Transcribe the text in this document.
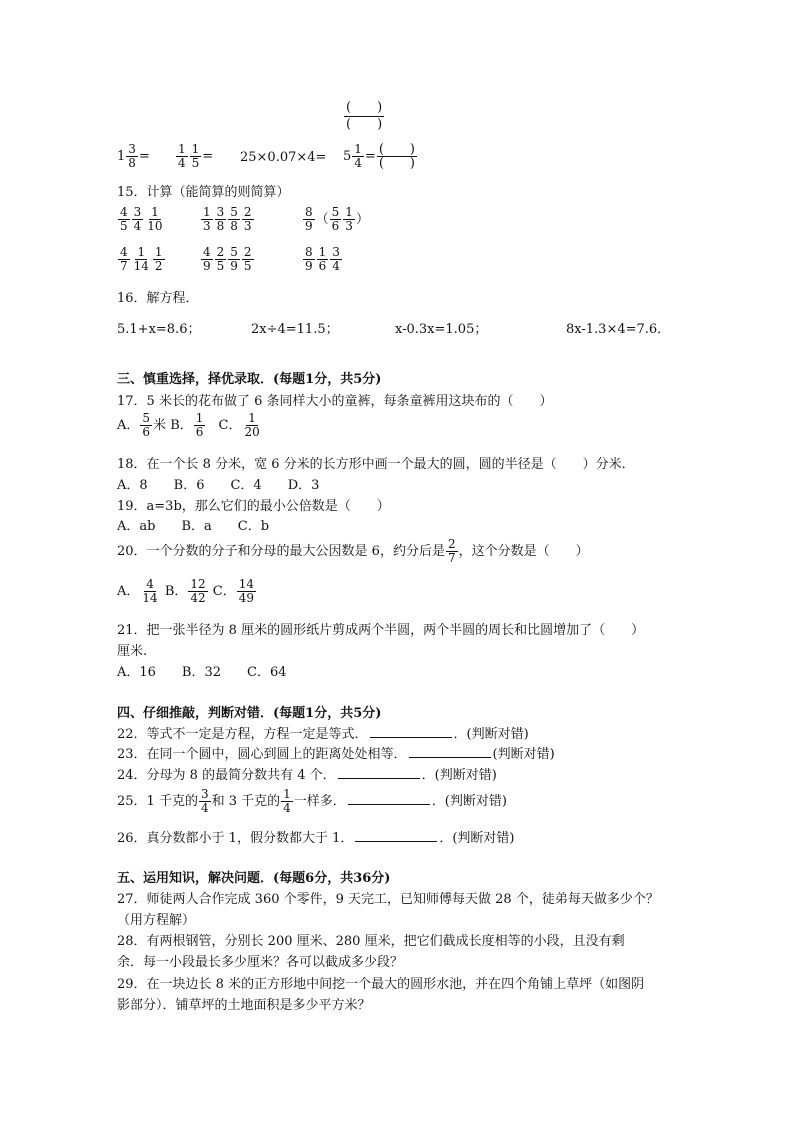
$\frac{( )}{( )}$
$1 \frac{3}{8} = \frac{1}{4} \frac{1}{5} = 25\times 0.07\times 4= 5 \frac{1}{4} = \frac{( )}{( )}$
15．计算（能简算的则简算）
$\frac{4}{5} \frac{3}{4} \frac{1}{10}$	$\frac{1}{3} \frac{3}{8} \frac{5}{8} \frac{2}{3}$	$\frac{8}{9}$ （ $\frac{5}{6} \frac{1}{3}$ ）
$\frac{4}{7} \frac{1}{14} \frac{1}{2}$	$\frac{4}{9} \frac{2}{5} \frac{5}{9} \frac{2}{5}$	$\frac{8}{9} \frac{1}{6} \frac{3}{4}$
16．解方程．
5.1+x=8.6；	2x÷4=11.5；	x-0.3x=1.05；	8x-1.3×4=7.6．
三、慎重选择，择优录取．(每题1分，共5分)
17．5 米长的花布做了 6 条同样大小的童裤，每条童裤用这块布的（　　）
A． $\frac{5}{6}$ 米 B． $\frac{1}{6}$ C． $\frac{1}{20}$
18．在一个长 8 分米，宽 6 分米的长方形中画一个最大的圆，圆的半径是（　　）分米．
A．8　　B．6　　C．4　　D．3
19．a=3b，那么它们的最小公倍数是（　　）
A．ab　　B．a　　C．b
20．一个分数的分子和分母的最大公因数是 6，约分后是 $\frac{2}{7}$ ，这个分数是（　　）
A． $\frac{4}{14}$ B． $\frac{12}{42}$ C． $\frac{14}{49}$
21．把一张半径为 8 厘米的圆形纸片剪成两个半圆，两个半圆的周长和比圆增加了（　　）
厘米.
A．16　　B．32　　C．64
四、仔细推敲，判断对错．(每题1分，共5分)
22．等式不一定是方程，方程一定是等式．	．(判断对错)
23．在同一个圆中，圆心到圆上的距离处处相等．	(判断对错)
24．分母为 8 的最简分数共有 4 个．	．(判断对错)
25．1 千克的 $\frac{3}{4}$ 和 3 千克的 $\frac{1}{4}$ 一样多．	．(判断对错)
26．真分数都小于 1，假分数都大于 1．	．(判断对错)
五、运用知识，解决问题．(每题6分，共36分)
27．师徒两人合作完成 360 个零件，9 天完工，已知师傅每天做 28 个，徒弟每天做多少个？
（用方程解）
28．有两根钢管，分别长 200 厘米、280 厘米，把它们截成长度相等的小段，且没有剩
余．每一小段最长多少厘米？各可以截成多少段？
29．在一块边长 8 米的正方形地中间挖一个最大的圆形水池，并在四个角铺上草坪（如图阴
影部分）．铺草坪的土地面积是多少平方米？
